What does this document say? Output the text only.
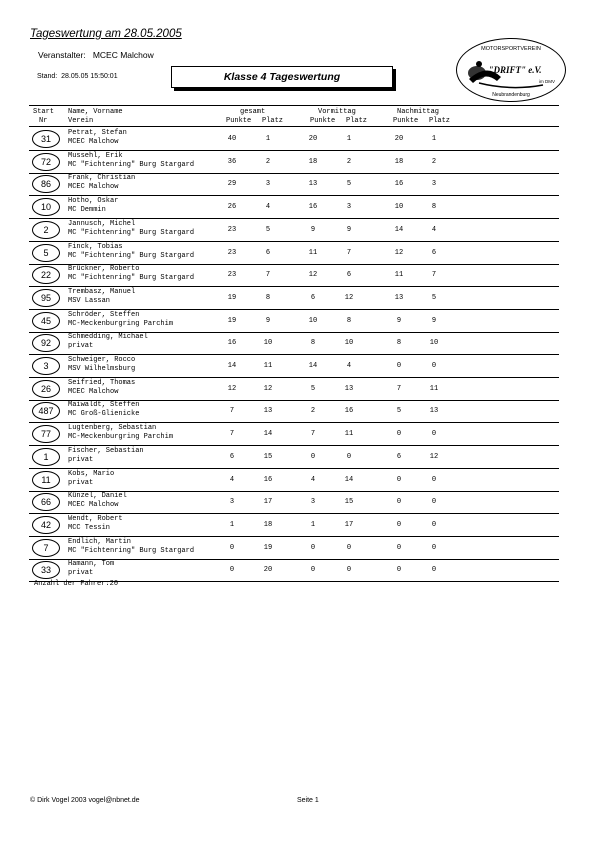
Tageswertung am 28.05.2005
Veranstalter: MCEC Malchow
Stand: 28.05.05 15:50:01	Klasse 4 Tageswertung
MOTORSPORTVEREIN
"DRIFT" e.V.
im DMV
Neubrandenburg
Start
Nr
Name, Vorname
Verein
gesamt
Punkte Platz
Vormittag
Punkte Platz
Nachmittag
Punkte Platz
31
Petrat, Stefan
MCEC Malchow	40	1	20	1	20	1
72
Mussehl, Erik
MC "Fichtenring" Burg Stargard	36	2	18	2	18	2
86
Frank, Christian
MCEC Malchow	29	3	13	5	16	3
10
Hotho, Oskar
MC Demmin	26	4	16	3	10	8
2
Jannusch, Michel
MC "Fichtenring" Burg Stargard	23	5	9	9	14	4
5
Finck, Tobias
MC "Fichtenring" Burg Stargard	23	6	11	7	12	6
22
Brückner, Roberto
MC "Fichtenring" Burg Stargard	23	7	12	6	11	7
95
Trembasz, Manuel
MSV Lassan	19	8	6	12	13	5
45
Schröder, Steffen
MC-Meckenburgring Parchim	19	9	10	8	9	9
92
Schmedding, Michael
privat	16	10	8	10	8	10
3
Schweiger, Rocco
MSV Wilhelmsburg	14	11	14	4	0	0
26
Seifried, Thomas
MCEC Malchow	12	12	5	13	7	11
487
Maiwaldt, Steffen
MC Groß-Glienicke	7	13	2	16	5	13
77
Lugtenberg, Sebastian
MC-Meckenburgring Parchim	7	14	7	11	0	0
1
Fischer, Sebastian
privat	6	15	0	0	6	12
11
Kobs, Mario
privat	4	16	4	14	0	0
66
Künzel, Daniel
MCEC Malchow	3	17	3	15	0	0
42
Wendt, Robert
MCC Tessin	1	18	1	17	0	0
7
Endlich, Martin
MC "Fichtenring" Burg Stargard	0	19	0	0	0	0
33
Hamann, Tom
privat	0	20	0	0	0	0
Anzahl der Fahrer:20
© Dirk Vogel 2003 vogel@nbnet.de	Seite 1
